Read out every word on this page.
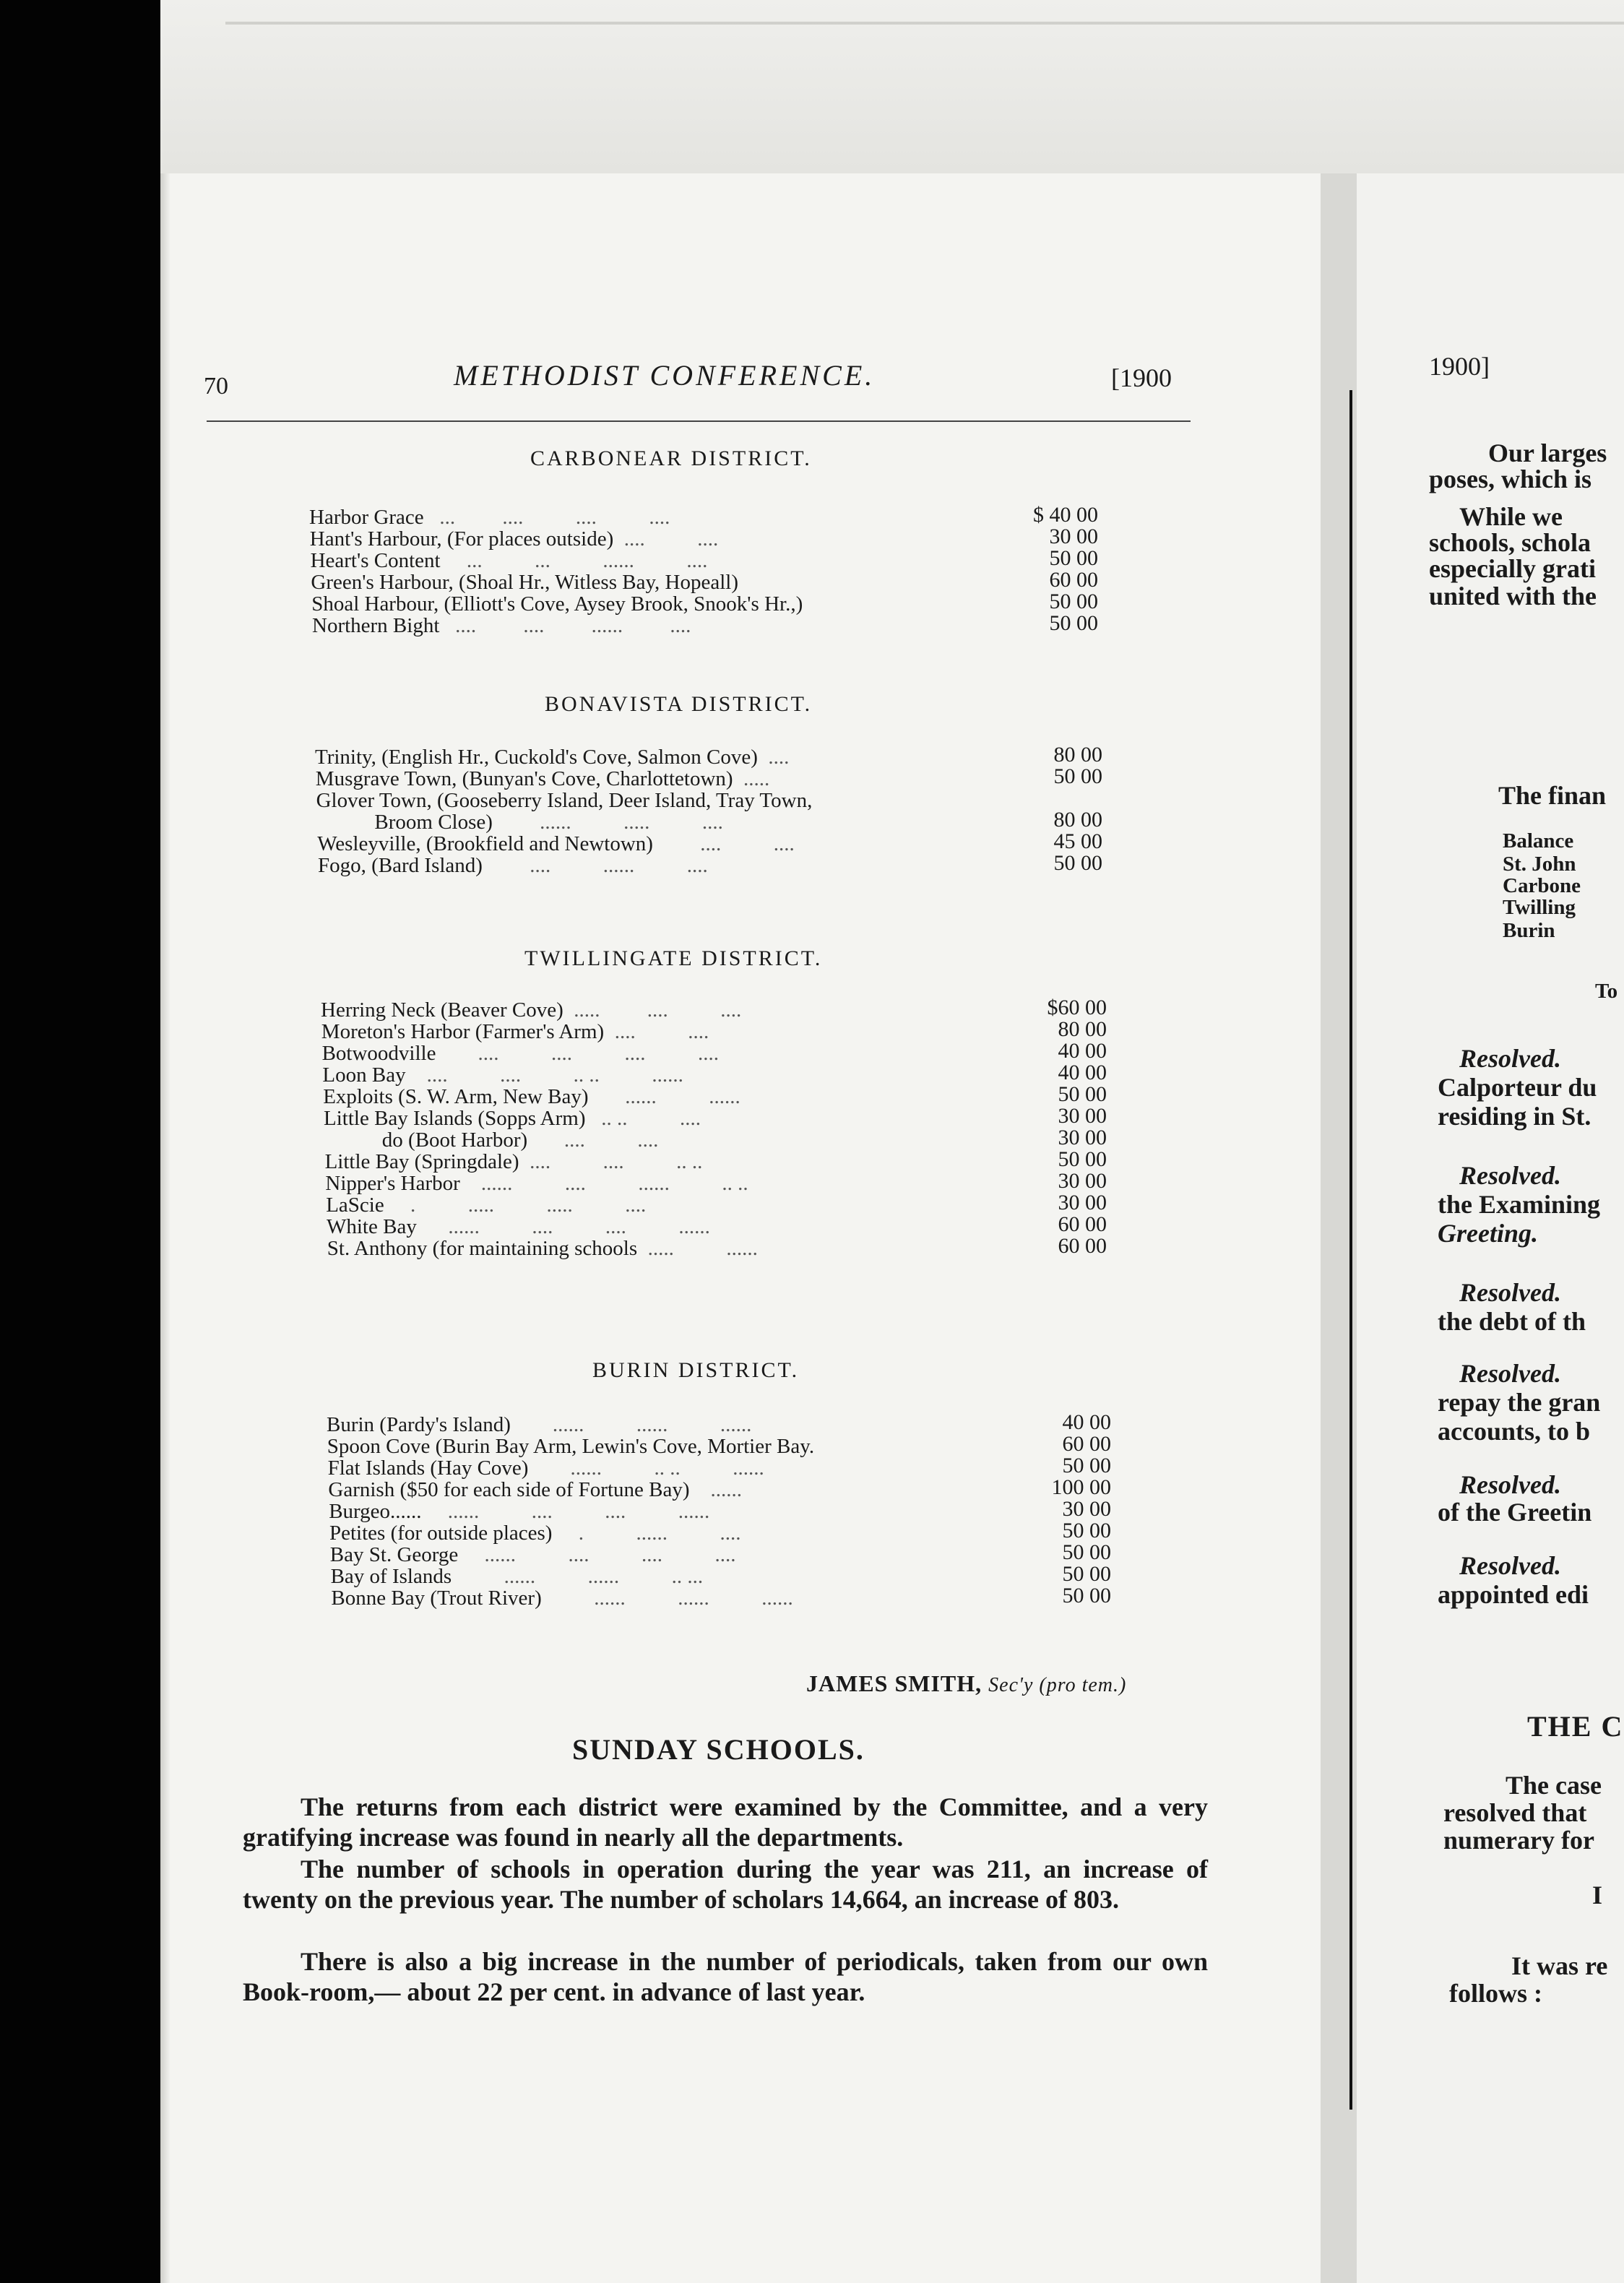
70	METHODIST CONFERENCE.	[1900
CARBONEAR DISTRICT.
Harbor Grace   ...         ....          ....          ....	$ 40 00
Hant's Harbour, (For places outside)  ....          ....	30 00
Heart's Content     ...          ...          ......          ....	50 00
Green's Harbour, (Shoal Hr., Witless Bay, Hopeall)	60 00
Shoal Harbour, (Elliott's Cove, Aysey Brook, Snook's Hr.,)	50 00
Northern Bight   ....         ....         ......         ....	50 00
BONAVISTA DISTRICT.
Trinity, (English Hr., Cuckold's Cove, Salmon Cove)  ....	80 00
Musgrave Town, (Bunyan's Cove, Charlottetown)  .....	50 00
Glover Town, (Gooseberry Island, Deer Island, Tray Town,
Broom Close)         ......          .....          ....	80 00
Wesleyville, (Brookfield and Newtown)         ....          ....	45 00
Fogo, (Bard Island)         ....          ......          ....	50 00
TWILLINGATE DISTRICT.
Herring Neck (Beaver Cove)  .....         ....          ....	$60 00
Moreton's Harbor (Farmer's Arm)  ....          ....	80 00
Botwoodville        ....          ....          ....          ....	40 00
Loon Bay    ....          ....          .. ..          ......	40 00
Exploits (S. W. Arm, New Bay)       ......          ......	50 00
Little Bay Islands (Sopps Arm)   .. ..          ....	30 00
do (Boot Harbor)       ....          ....	30 00
Little Bay (Springdale)  ....          ....          .. ..	50 00
Nipper's Harbor    ......          ....          ......          .. ..	30 00
LaScie     .          .....          .....          ....	30 00
White Bay      ......          ....          ....          ......	60 00
St. Anthony (for maintaining schools  .....          ......	60 00
BURIN DISTRICT.
Burin (Pardy's Island)        ......          ......          ......	40 00
Spoon Cove (Burin Bay Arm, Lewin's Cove, Mortier Bay.	60 00
Flat Islands (Hay Cove)        ......          .. ..          ......	50 00
Garnish ($50 for each side of Fortune Bay)    ......	100 00
Burgeo......     ......          ....          ....          ......	30 00
Petites (for outside places)     .          ......          ....	50 00
Bay St. George     ......          ....          ....          ....	50 00
Bay of Islands          ......          ......          .. ...	50 00
Bonne Bay (Trout River)          ......          ......          ......	50 00
JAMES SMITH, Sec'y (pro tem.)
SUNDAY SCHOOLS.
The returns from each district were examined by the Committee, and a very gratifying increase was found in nearly all the departments.
The number of schools in operation during the year was 211, an increase of twenty on the previous year. The number of scholars 14,664, an increase of 803.
There is also a big increase in the number of periodicals, taken from our own Book-room,— about 22 per cent. in advance of last year.
1900]
Our larges
poses, which is
While we
schools, schola
especially grati
united with the
The finan
Balance
St. John
Carbone
Twilling
Burin
To
Resolved.
Calporteur du
residing in St.
Resolved.
the Examining
Greeting.
Resolved.
the debt of th
Resolved.
repay the gran
accounts, to b
Resolved.
of the Greetin
Resolved.
appointed edi
THE C
The case
resolved that
numerary for
I
It was re
follows :
